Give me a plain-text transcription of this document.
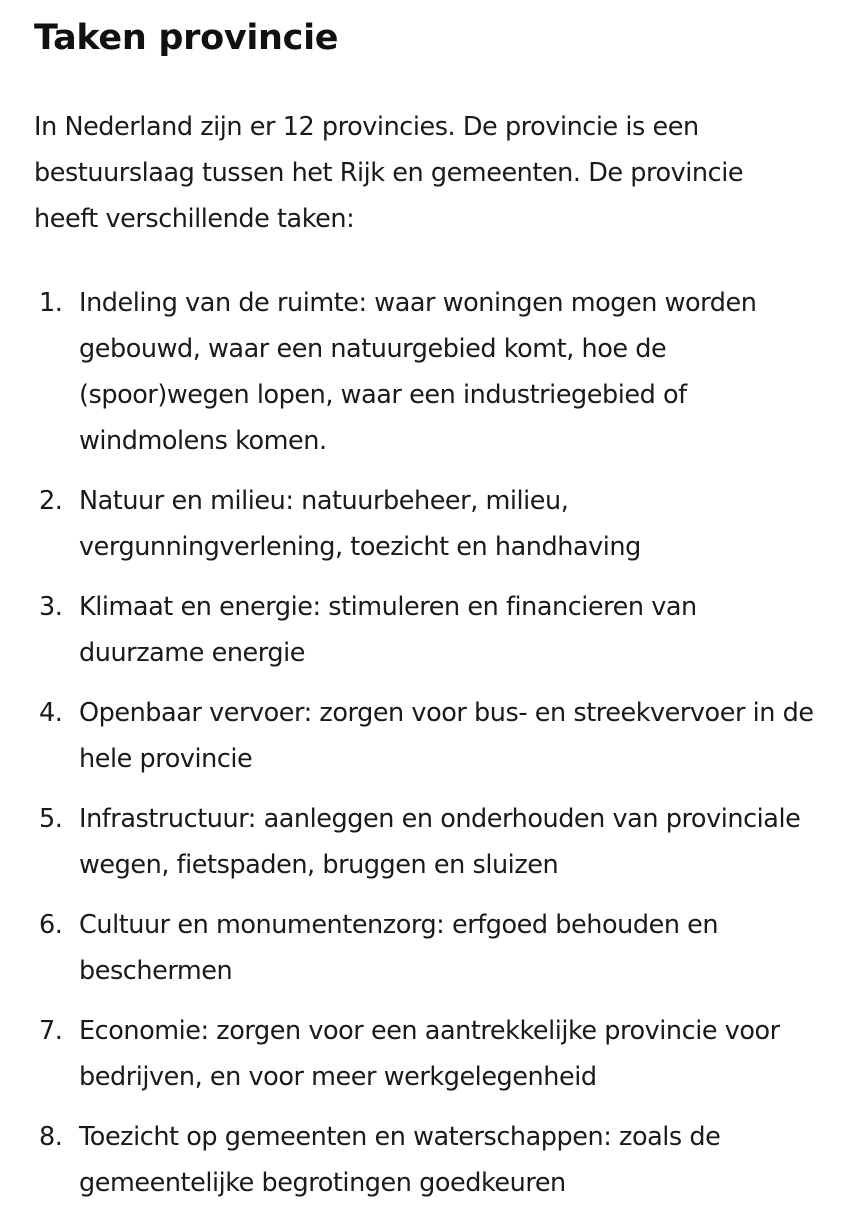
Taken provincie

In Nederland zijn er 12 provincies. De provincie is een bestuurslaag tussen het Rijk en gemeenten. De provincie heeft verschillende taken:

1. Indeling van de ruimte: waar woningen mogen worden gebouwd, waar een natuurgebied komt, hoe de (spoor)wegen lopen, waar een industriegebied of windmolens komen.
2. Natuur en milieu: natuurbeheer, milieu, vergunningverlening, toezicht en handhaving
3. Klimaat en energie: stimuleren en financieren van duurzame energie
4. Openbaar vervoer: zorgen voor bus- en streekvervoer in de hele provincie
5. Infrastructuur: aanleggen en onderhouden van provinciale wegen, fietspaden, bruggen en sluizen
6. Cultuur en monumentenzorg: erfgoed behouden en beschermen
7. Economie: zorgen voor een aantrekkelijke provincie voor bedrijven, en voor meer werkgelegenheid
8. Toezicht op gemeenten en waterschappen: zoals de gemeentelijke begrotingen goedkeuren
